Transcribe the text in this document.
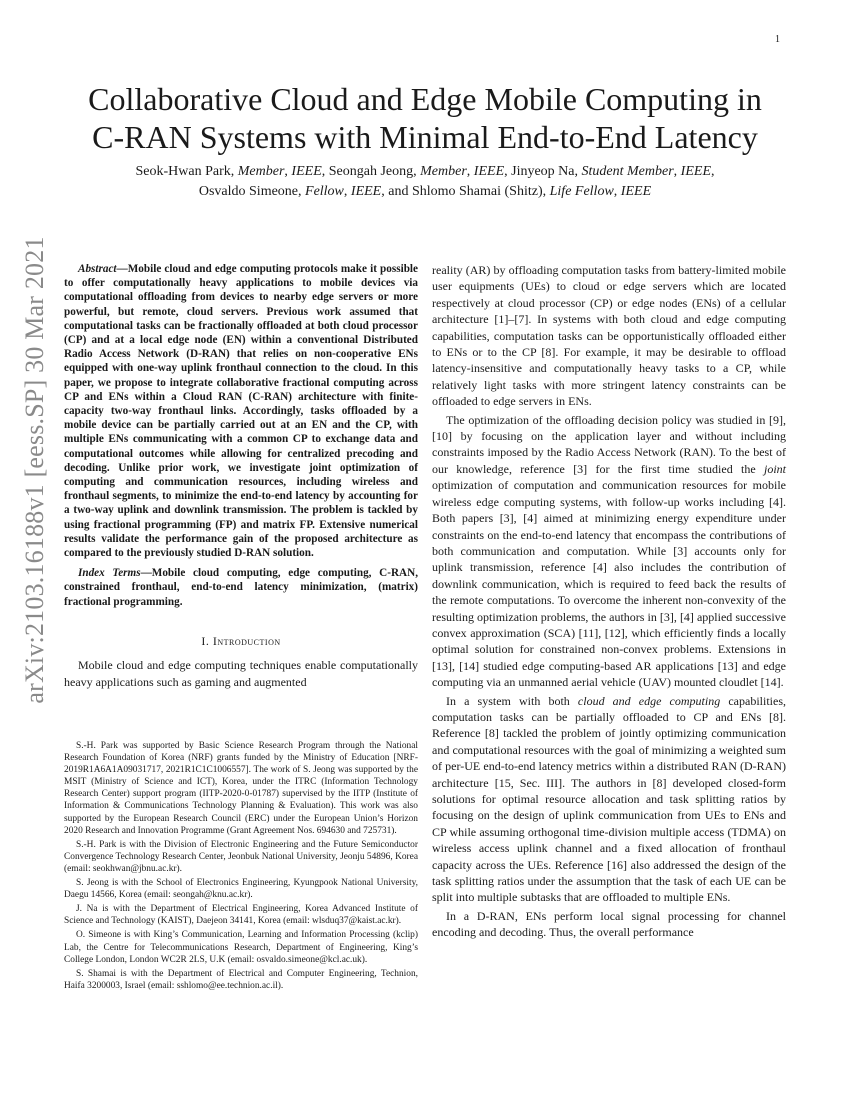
1
arXiv:2103.16188v1 [eess.SP] 30 Mar 2021
Collaborative Cloud and Edge Mobile Computing in
C-RAN Systems with Minimal End-to-End Latency
Seok-Hwan Park, Member, IEEE, Seongah Jeong, Member, IEEE, Jinyeop Na, Student Member, IEEE,
Osvaldo Simeone, Fellow, IEEE, and Shlomo Shamai (Shitz), Life Fellow, IEEE

Abstract—Mobile cloud and edge computing protocols make it possible to offer computationally heavy applications to mobile devices via computational offloading from devices to nearby edge servers or more powerful, but remote, cloud servers. Previous work assumed that computational tasks can be fractionally offloaded at both cloud processor (CP) and at a local edge node (EN) within a conventional Distributed Radio Access Network (D-RAN) that relies on non-cooperative ENs equipped with one-way uplink fronthaul connection to the cloud. In this paper, we propose to integrate collaborative fractional computing across CP and ENs within a Cloud RAN (C-RAN) architecture with finite-capacity two-way fronthaul links. Accordingly, tasks offloaded by a mobile device can be partially carried out at an EN and the CP, with multiple ENs communicating with a common CP to exchange data and computational outcomes while allowing for centralized precoding and decoding. Unlike prior work, we investigate joint optimization of computing and communication resources, including wireless and fronthaul segments, to minimize the end-to-end latency by accounting for a two-way uplink and downlink transmission. The problem is tackled by using fractional programming (FP) and matrix FP. Extensive numerical results validate the performance gain of the proposed architecture as compared to the previously studied D-RAN solution.

Index Terms—Mobile cloud computing, edge computing, C-RAN, constrained fronthaul, end-to-end latency minimization, (matrix) fractional programming.

I. Introduction

Mobile cloud and edge computing techniques enable computationally heavy applications such as gaming and augmented

S.-H. Park was supported by Basic Science Research Program through the National Research Foundation of Korea (NRF) grants funded by the Ministry of Education [NRF-2019R1A6A1A09031717, 2021R1C1C1006557]. The work of S. Jeong was supported by the MSIT (Ministry of Science and ICT), Korea, under the ITRC (Information Technology Research Center) support program (IITP-2020-0-01787) supervised by the IITP (Institute of Information & Communications Technology Planning & Evaluation). This work was also supported by the European Research Council (ERC) under the European Union’s Horizon 2020 Research and Innovation Programme (Grant Agreement Nos. 694630 and 725731).

S.-H. Park is with the Division of Electronic Engineering and the Future Semiconductor Convergence Technology Research Center, Jeonbuk National University, Jeonju 54896, Korea (email: seokhwan@jbnu.ac.kr).

S. Jeong is with the School of Electronics Engineering, Kyungpook National University, Daegu 14566, Korea (email: seongah@knu.ac.kr).

J. Na is with the Department of Electrical Engineering, Korea Advanced Institute of Science and Technology (KAIST), Daejeon 34141, Korea (email: wlsduq37@kaist.ac.kr).

O. Simeone is with King’s Communication, Learning and Information Processing (kclip) Lab, the Centre for Telecommunications Research, Department of Engineering, King’s College London, London WC2R 2LS, U.K (email: osvaldo.simeone@kcl.ac.uk).

S. Shamai is with the Department of Electrical and Computer Engineering, Technion, Haifa 3200003, Israel (email: sshlomo@ee.technion.ac.il).

reality (AR) by offloading computation tasks from battery-limited mobile user equipments (UEs) to cloud or edge servers which are located respectively at cloud processor (CP) or edge nodes (ENs) of a cellular architecture [1]–[7]. In systems with both cloud and edge computing capabilities, computation tasks can be opportunistically offloaded either to ENs or to the CP [8]. For example, it may be desirable to offload latency-insensitive and computationally heavy tasks to a CP, while relatively light tasks with more stringent latency constraints can be offloaded to edge servers in ENs.

The optimization of the offloading decision policy was studied in [9], [10] by focusing on the application layer and without including constraints imposed by the Radio Access Network (RAN). To the best of our knowledge, reference [3] for the first time studied the joint optimization of computation and communication resources for mobile wireless edge computing systems, with follow-up works including [4]. Both papers [3], [4] aimed at minimizing energy expenditure under constraints on the end-to-end latency that encompass the contributions of both communication and computation. While [3] accounts only for uplink transmission, reference [4] also includes the contribution of downlink communication, which is required to feed back the results of the remote computations. To overcome the inherent non-convexity of the resulting optimization problems, the authors in [3], [4] applied successive convex approximation (SCA) [11], [12], which efficiently finds a locally optimal solution for constrained non-convex problems. Extensions in [13], [14] studied edge computing-based AR applications [13] and edge computing via an unmanned aerial vehicle (UAV) mounted cloudlet [14].

In a system with both cloud and edge computing capabilities, computation tasks can be partially offloaded to CP and ENs [8]. Reference [8] tackled the problem of jointly optimizing communication and computational resources with the goal of minimizing a weighted sum of per-UE end-to-end latency metrics within a distributed RAN (D-RAN) architecture [15, Sec. III]. The authors in [8] developed closed-form solutions for optimal resource allocation and task splitting ratios by focusing on the design of uplink communication from UEs to ENs and CP while assuming orthogonal time-division multiple access (TDMA) on wireless access uplink channel and a fixed allocation of fronthaul capacity across the UEs. Reference [16] also addressed the design of the task splitting ratios under the assumption that the task of each UE can be split into multiple subtasks that are offloaded to multiple ENs.

In a D-RAN, ENs perform local signal processing for channel encoding and decoding. Thus, the overall performance
